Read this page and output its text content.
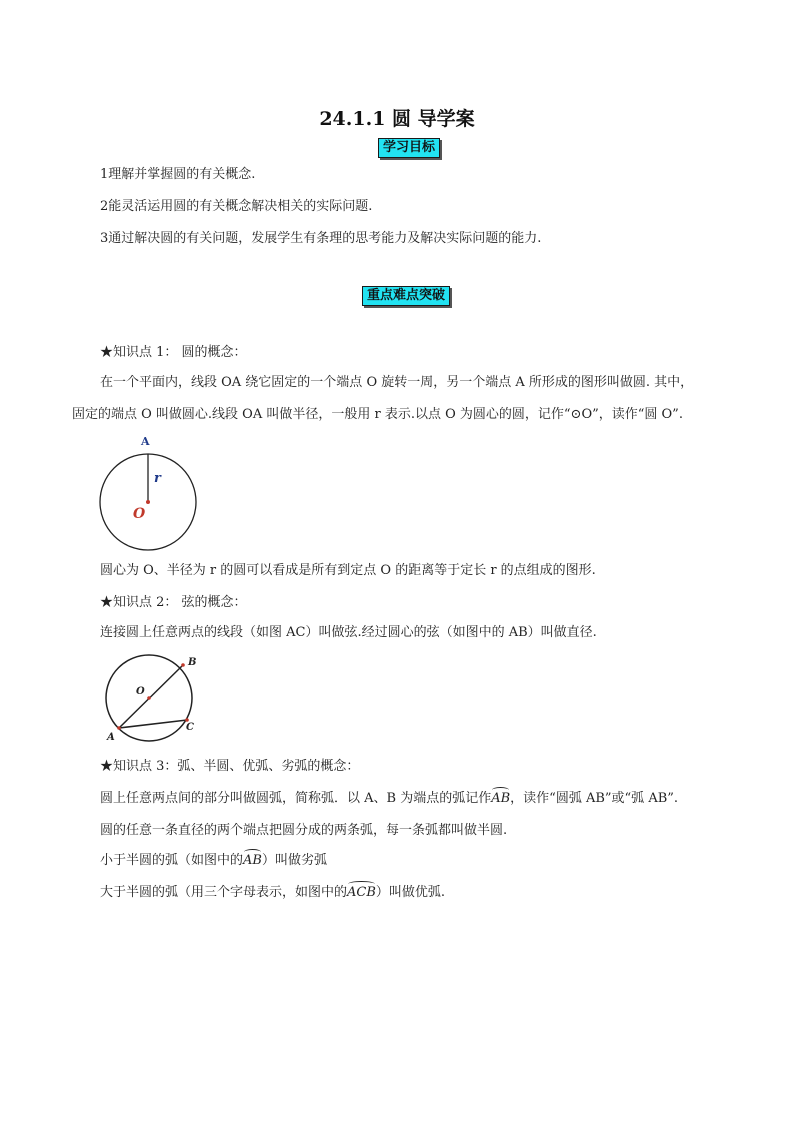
24.1.1 圆 导学案
学习目标
1理解并掌握圆的有关概念.
2能灵活运用圆的有关概念解决相关的实际问题.
3通过解决圆的有关问题，发展学生有条理的思考能力及解决实际问题的能力.
重点难点突破
★知识点 1： 圆的概念：
在一个平面内，线段 OA 绕它固定的一个端点 O 旋转一周，另一个端点 A 所形成的图形叫做圆. 其中，
固定的端点 O 叫做圆心.线段 OA 叫做半径，一般用 r 表示.以点 O 为圆心的圆，记作“⊙O”，读作“圆 O”.
A
r
O
圆心为 O、半径为 r 的圆可以看成是所有到定点 O 的距离等于定长 r 的点组成的图形.
★知识点 2： 弦的概念：
连接圆上任意两点的线段（如图 AC）叫做弦.经过圆心的弦（如图中的 AB）叫做直径.
O
A
B
C
★知识点 3：弧、半圆、优弧、劣弧的概念：
圆上任意两点间的部分叫做圆弧，简称弧．以 A、B 为端点的弧记作AB，读作“圆弧 AB”或“弧 AB”.
圆的任意一条直径的两个端点把圆分成的两条弧，每一条弧都叫做半圆.
小于半圆的弧（如图中的AB）叫做劣弧
大于半圆的弧（用三个字母表示，如图中的ACB）叫做优弧.
